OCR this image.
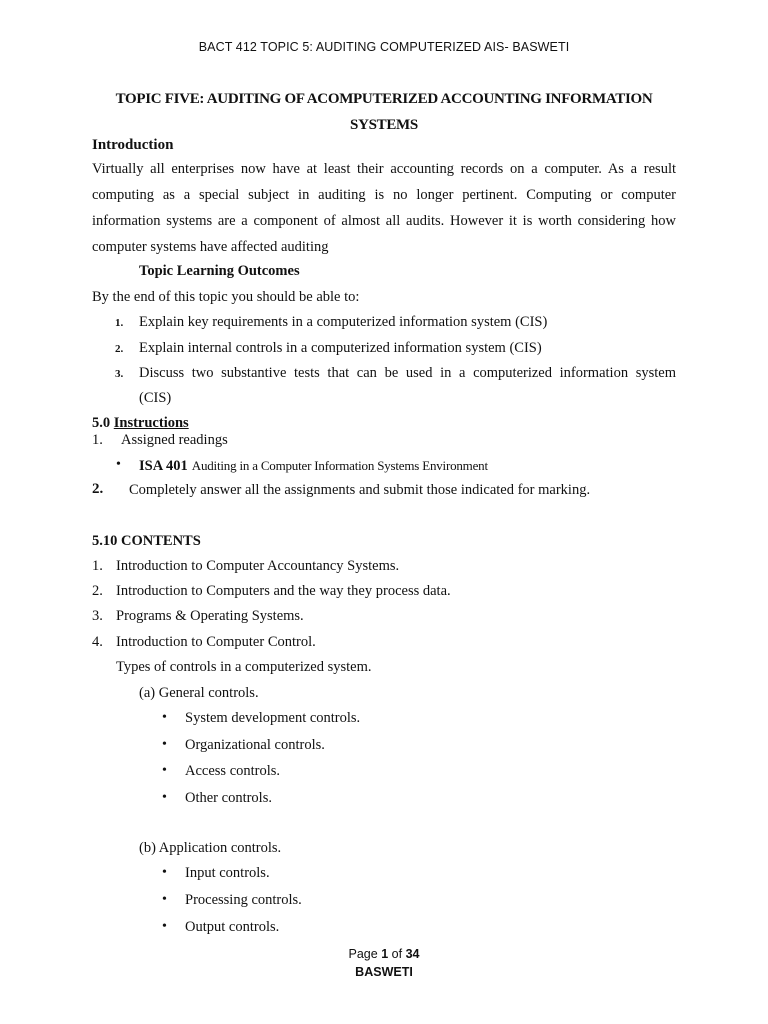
BACT 412 TOPIC 5: AUDITING COMPUTERIZED AIS- BASWETI
TOPIC FIVE: AUDITING OF ACOMPUTERIZED ACCOUNTING INFORMATION
SYSTEMS
Introduction
Virtually all enterprises now have at least their accounting records on a computer. As a result
computing as a special subject in auditing is no longer pertinent. Computing or computer
information systems are a component of almost all audits. However it is worth considering how
computer systems have affected auditing
Topic Learning Outcomes
By the end of this topic you should be able to:
1. Explain key requirements in a computerized information system (CIS)
2. Explain internal controls in a computerized information system (CIS)
3. Discuss two substantive tests that can be used in a computerized information system
(CIS)
5.0 Instructions
1. Assigned readings
• ISA 401 Auditing in a Computer Information Systems Environment
2. Completely answer all the assignments and submit those indicated for marking.
5.10 CONTENTS
1. Introduction to Computer Accountancy Systems.
2. Introduction to Computers and the way they process data.
3. Programs & Operating Systems.
4. Introduction to Computer Control.
Types of controls in a computerized system.
(a) General controls.
• System development controls.
• Organizational controls.
• Access controls.
• Other controls.
(b) Application controls.
• Input controls.
• Processing controls.
• Output controls.
Page 1 of 34
BASWETI
